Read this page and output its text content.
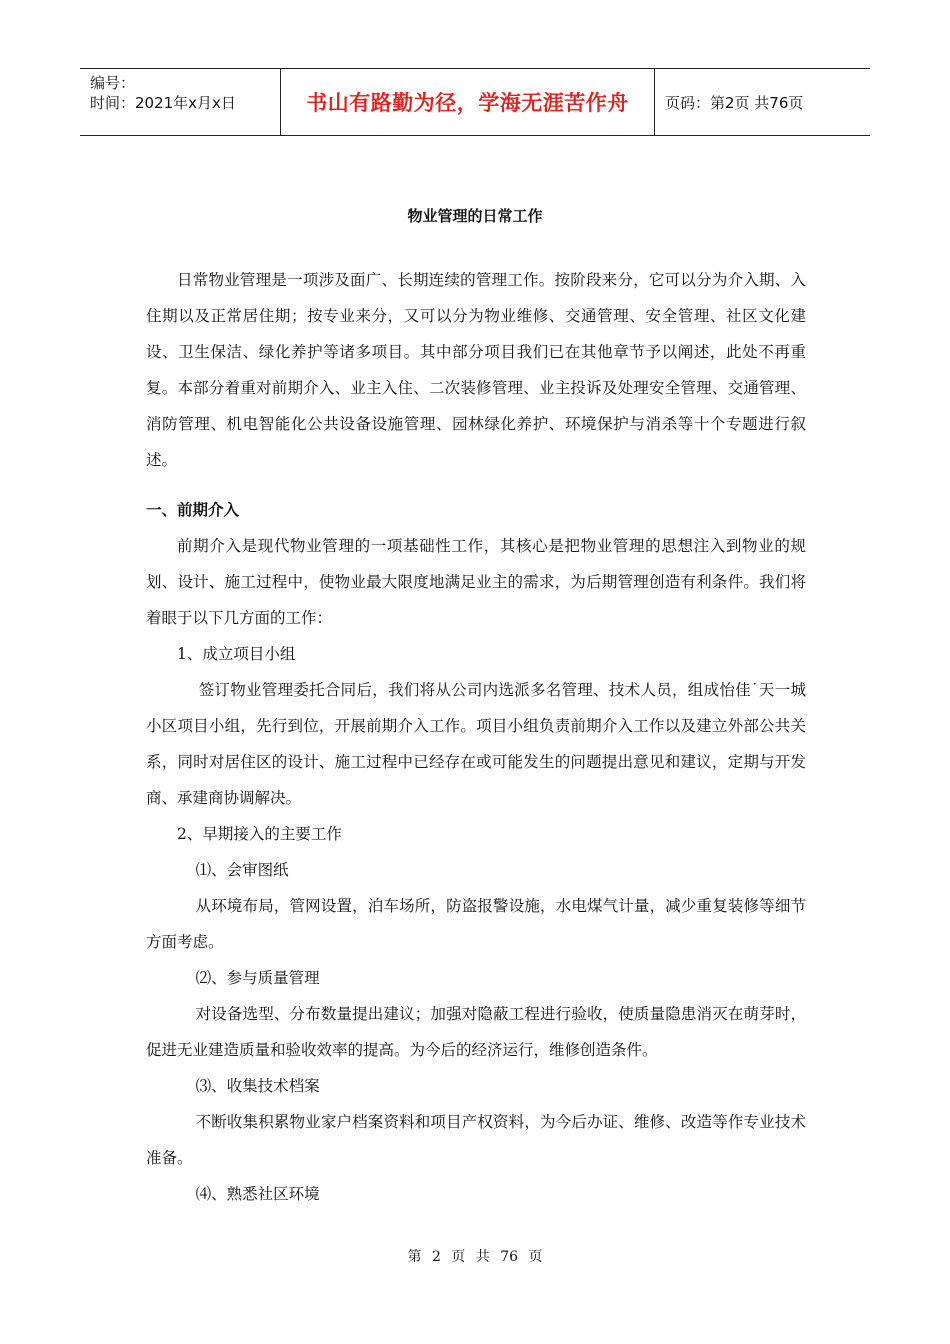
编号：
时间：2021年x月x日	书山有路勤为径，学海无涯苦作舟 页码：第2页 共76页
物业管理的日常工作

日常物业管理是一项涉及面广、长期连续的管理工作。按阶段来分，它可以分为介入期、入住期以及正常居住期；按专业来分，又可以分为物业维修、交通管理、安全管理、社区文化建设、卫生保洁、绿化养护等诸多项目。其中部分项目我们已在其他章节予以阐述，此处不再重复。本部分着重对前期介入、业主入住、二次装修管理、业主投诉及处理安全管理、交通管理、消防管理、机电智能化公共设备设施管理、园林绿化养护、环境保护与消杀等十个专题进行叙述。

一、前期介入

前期介入是现代物业管理的一项基础性工作，其核心是把物业管理的思想注入到物业的规划、设计、施工过程中，使物业最大限度地满足业主的需求，为后期管理创造有利条件。我们将着眼于以下几方面的工作：

1、成立项目小组

签订物业管理委托合同后，我们将从公司内选派多名管理、技术人员，组成怡佳˙天一城小区项目小组，先行到位，开展前期介入工作。项目小组负责前期介入工作以及建立外部公共关系，同时对居住区的设计、施工过程中已经存在或可能发生的问题提出意见和建议，定期与开发商、承建商协调解决。

2、早期接入的主要工作
⑴、会审图纸

从环境布局，管网设置，泊车场所，防盗报警设施，水电煤气计量，减少重复装修等细节方面考虑。

⑵、参与质量管理

对设备选型、分布数量提出建议；加强对隐蔽工程进行验收，使质量隐患消灭在萌芽时，促进无业建造质量和验收效率的提高。为今后的经济运行，维修创造条件。

⑶、收集技术档案

不断收集积累物业家户档案资料和项目产权资料，为今后办证、维修、改造等作专业技术准备。

⑷、熟悉社区环境
第 2 页 共 76 页
